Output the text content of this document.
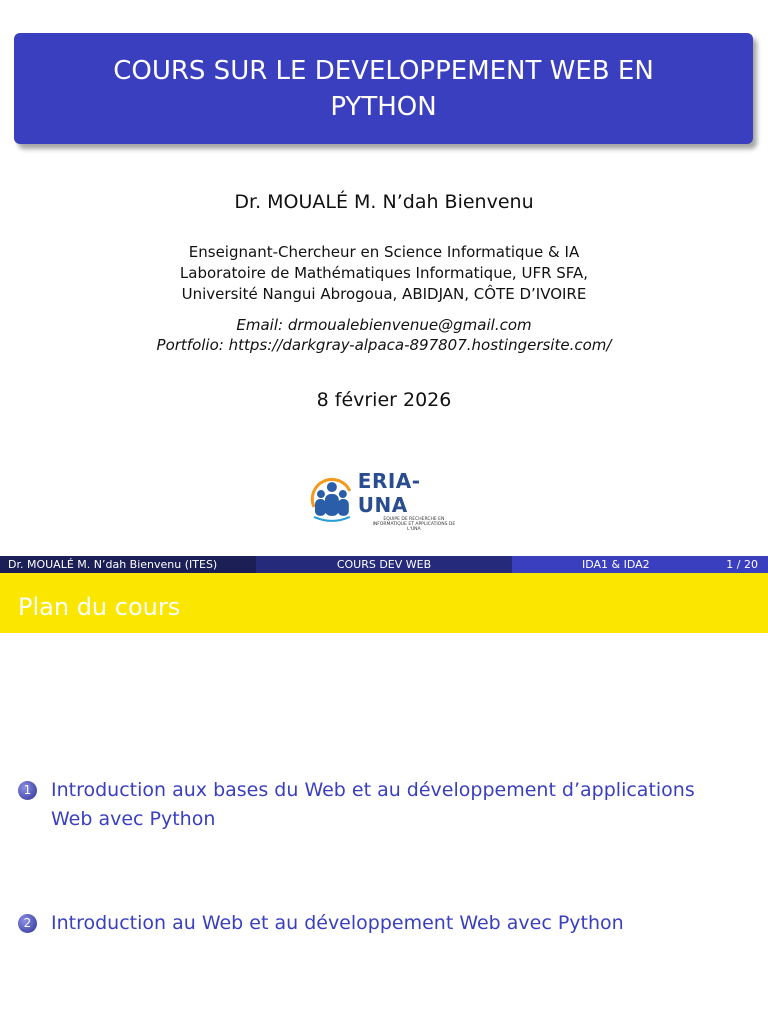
COURS SUR LE DEVELOPPEMENT WEB EN PYTHON
Dr. MOUALÉ M. N’dah Bienvenu
Enseignant-Chercheur en Science Informatique & IA
Laboratoire de Mathématiques Informatique, UFR SFA,
Université Nangui Abrogoua, ABIDJAN, CÔTE D’IVOIRE
Email: drmoualebienvenue@gmail.com
Portfolio: https://darkgray-alpaca-897807.hostingersite.com/
8 février 2026
ERIA-UNA
EQUIPE DE RECHERCHE EN INFORMATIQUE ET APPLICATIONS DE L'UNA
Dr. MOUALÉ M. N’dah Bienvenu (ITES)	COURS DEV WEB	IDA1 & IDA2	1 / 20
Plan du cours
1 Introduction aux bases du Web et au développement d’applications Web avec Python
2 Introduction au Web et au développement Web avec Python
